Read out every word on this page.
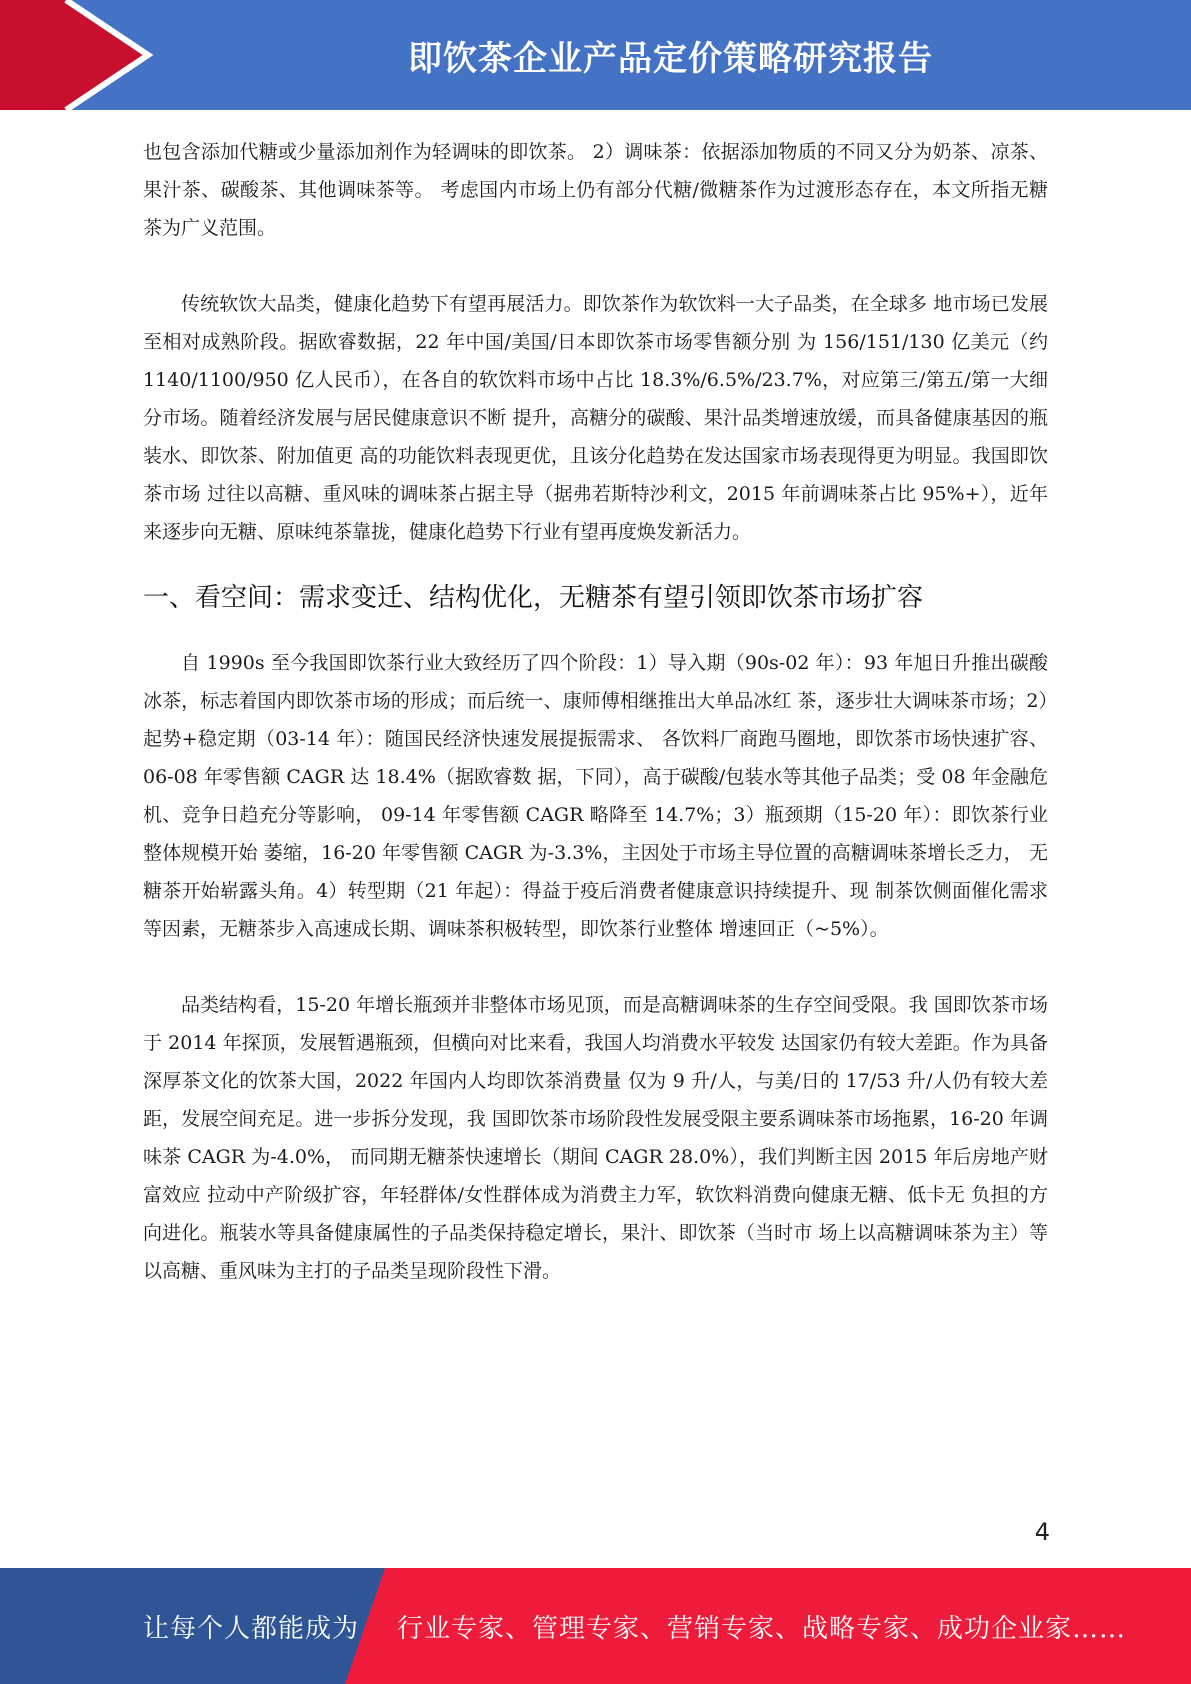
即饮茶企业产品定价策略研究报告

也包含添加代糖或少量添加剂作为轻调味的即饮茶。 2）调味茶：依据添加物质的不同又分为奶茶、凉茶、果汁茶、碳酸茶、其他调味茶等。 考虑国内市场上仍有部分代糖/微糖茶作为过渡形态存在，本文所指无糖茶为广义范围。

传统软饮大品类，健康化趋势下有望再展活力。即饮茶作为软饮料一大子品类，在全球多 地市场已发展至相对成熟阶段。据欧睿数据，22 年中国/美国/日本即饮茶市场零售额分别 为 156/151/130 亿美元（约 1140/1100/950 亿人民币），在各自的软饮料市场中占比 18.3%/6.5%/23.7%，对应第三/第五/第一大细分市场。随着经济发展与居民健康意识不断 提升，高糖分的碳酸、果汁品类增速放缓，而具备健康基因的瓶装水、即饮茶、附加值更 高的功能饮料表现更优，且该分化趋势在发达国家市场表现得更为明显。我国即饮茶市场 过往以高糖、重风味的调味茶占据主导（据弗若斯特沙利文，2015 年前调味茶占比 95%+），近年来逐步向无糖、原味纯茶靠拢，健康化趋势下行业有望再度焕发新活力。

一、看空间：需求变迁、结构优化，无糖茶有望引领即饮茶市场扩容

自 1990s 至今我国即饮茶行业大致经历了四个阶段：1）导入期（90s-02 年）：93 年旭日升推出碳酸冰茶，标志着国内即饮茶市场的形成；而后统一、康师傅相继推出大单品冰红 茶，逐步壮大调味茶市场；2）起势+稳定期（03-14 年）：随国民经济快速发展提振需求、 各饮料厂商跑马圈地，即饮茶市场快速扩容、06-08 年零售额 CAGR 达 18.4%（据欧睿数 据，下同），高于碳酸/包装水等其他子品类；受 08 年金融危机、竞争日趋充分等影响， 09-14 年零售额 CAGR 略降至 14.7%；3）瓶颈期（15-20 年）：即饮茶行业整体规模开始 萎缩，16-20 年零售额 CAGR 为-3.3%，主因处于市场主导位置的高糖调味茶增长乏力， 无糖茶开始崭露头角。4）转型期（21 年起）：得益于疫后消费者健康意识持续提升、现 制茶饮侧面催化需求等因素，无糖茶步入高速成长期、调味茶积极转型，即饮茶行业整体 增速回正（~5%）。

品类结构看，15-20 年增长瓶颈并非整体市场见顶，而是高糖调味茶的生存空间受限。我 国即饮茶市场于 2014 年探顶，发展暂遇瓶颈，但横向对比来看，我国人均消费水平较发 达国家仍有较大差距。作为具备深厚茶文化的饮茶大国，2022 年国内人均即饮茶消费量 仅为 9 升/人，与美/日的 17/53 升/人仍有较大差距，发展空间充足。进一步拆分发现，我 国即饮茶市场阶段性发展受限主要系调味茶市场拖累，16-20 年调味茶 CAGR 为-4.0%， 而同期无糖茶快速增长（期间 CAGR 28.0%），我们判断主因 2015 年后房地产财富效应 拉动中产阶级扩容，年轻群体/女性群体成为消费主力军，软饮料消费向健康无糖、低卡无 负担的方向进化。瓶装水等具备健康属性的子品类保持稳定增长，果汁、即饮茶（当时市 场上以高糖调味茶为主）等以高糖、重风味为主打的子品类呈现阶段性下滑。

4
让每个人都能成为 行业专家、管理专家、营销专家、战略专家、成功企业家……
